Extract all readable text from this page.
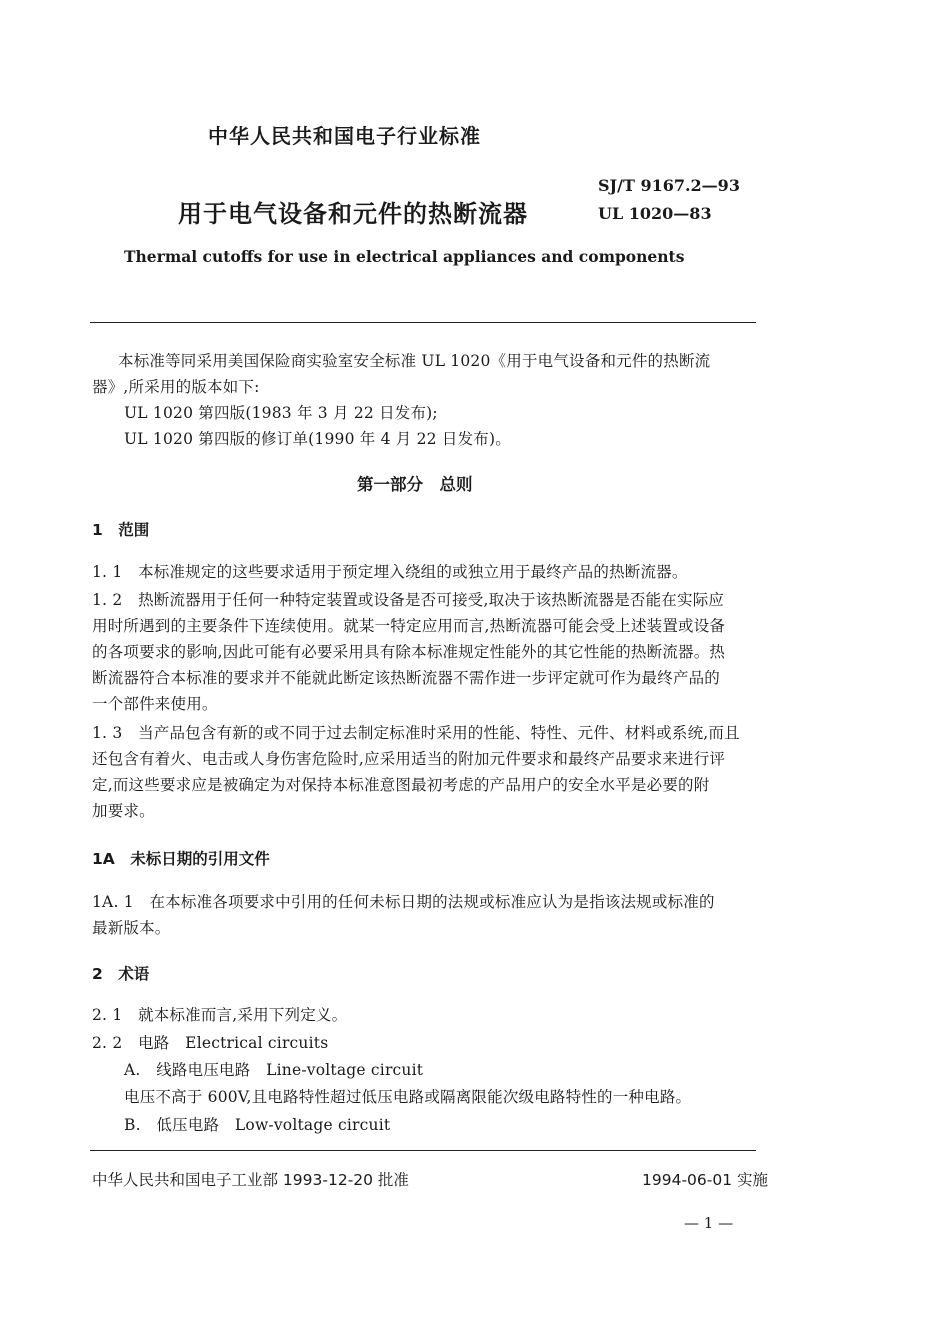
中华人民共和国电子行业标准
用于电气设备和元件的热断流器
SJ/T 9167.2—93
UL 1020—83
Thermal cutoffs for use in electrical appliances and components
本标准等同采用美国保险商实验室安全标准 UL 1020《用于电气设备和元件的热断流
器》,所采用的版本如下:
UL 1020 第四版(1983 年 3 月 22 日发布);
UL 1020 第四版的修订单(1990 年 4 月 22 日发布)。
第一部分　总则
1　范围
1. 1　本标准规定的这些要求适用于预定埋入绕组的或独立用于最终产品的热断流器。
1. 2　热断流器用于任何一种特定装置或设备是否可接受,取决于该热断流器是否能在实际应
用时所遇到的主要条件下连续使用。就某一特定应用而言,热断流器可能会受上述装置或设备
的各项要求的影响,因此可能有必要采用具有除本标准规定性能外的其它性能的热断流器。热
断流器符合本标准的要求并不能就此断定该热断流器不需作进一步评定就可作为最终产品的
一个部件来使用。
1. 3　当产品包含有新的或不同于过去制定标准时采用的性能、特性、元件、材料或系统,而且
还包含有着火、电击或人身伤害危险时,应采用适当的附加元件要求和最终产品要求来进行评
定,而这些要求应是被确定为对保持本标准意图最初考虑的产品用户的安全水平是必要的附
加要求。
1A　未标日期的引用文件
1A. 1　在本标准各项要求中引用的任何未标日期的法规或标准应认为是指该法规或标准的
最新版本。
2　术语
2. 1　就本标准而言,采用下列定义。
2. 2　电路　Electrical circuits
A.　线路电压电路　Line-voltage circuit
电压不高于 600V,且电路特性超过低压电路或隔离限能次级电路特性的一种电路。
B.　低压电路　Low-voltage circuit
中华人民共和国电子工业部 1993-12-20 批准	1994-06-01 实施
— 1 —
